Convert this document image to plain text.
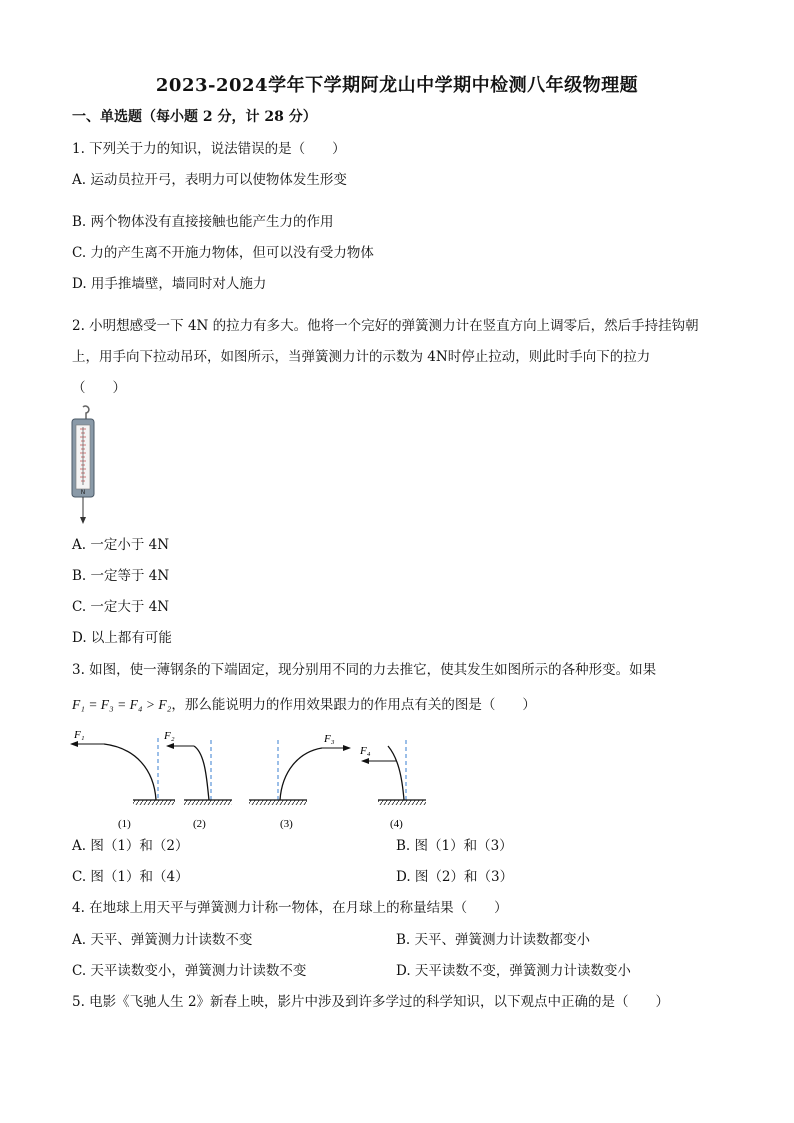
2023-2024学年下学期阿龙山中学期中检测八年级物理题
一、单选题（每小题 2 分，计 28 分）
1. 下列关于力的知识，说法错误的是（　　）
A. 运动员拉开弓，表明力可以使物体发生形变
B. 两个物体没有直接接触也能产生力的作用
C. 力的产生离不开施力物体，但可以没有受力物体
D. 用手推墙壁，墙同时对人施力
2. 小明想感受一下 4N 的拉力有多大。他将一个完好的弹簧测力计在竖直方向上调零后，然后手持挂钩朝
上，用手向下拉动吊环，如图所示，当弹簧测力计的示数为 4N时停止拉动，则此时手向下的拉力
（　　）
N
A. 一定小于 4N
B. 一定等于 4N
C. 一定大于 4N
D. 以上都有可能
3. 如图，使一薄钢条的下端固定，现分别用不同的力去推它，使其发生如图所示的各种形变。如果
F₁ = F₃ = F₄ > F₂，那么能说明力的作用效果跟力的作用点有关的图是（　　）
F₁
(1)
F₂
(2)
F₃
(3)
F₄
(4)
A. 图（1）和（2）	B. 图（1）和（3）
C. 图（1）和（4）	D. 图（2）和（3）
4. 在地球上用天平与弹簧测力计称一物体，在月球上的称量结果（　　）
A. 天平、弹簧测力计读数不变	B. 天平、弹簧测力计读数都变小
C. 天平读数变小，弹簧测力计读数不变	D. 天平读数不变，弹簧测力计读数变小
5. 电影《飞驰人生 2》新春上映，影片中涉及到许多学过的科学知识，以下观点中正确的是（　　）
